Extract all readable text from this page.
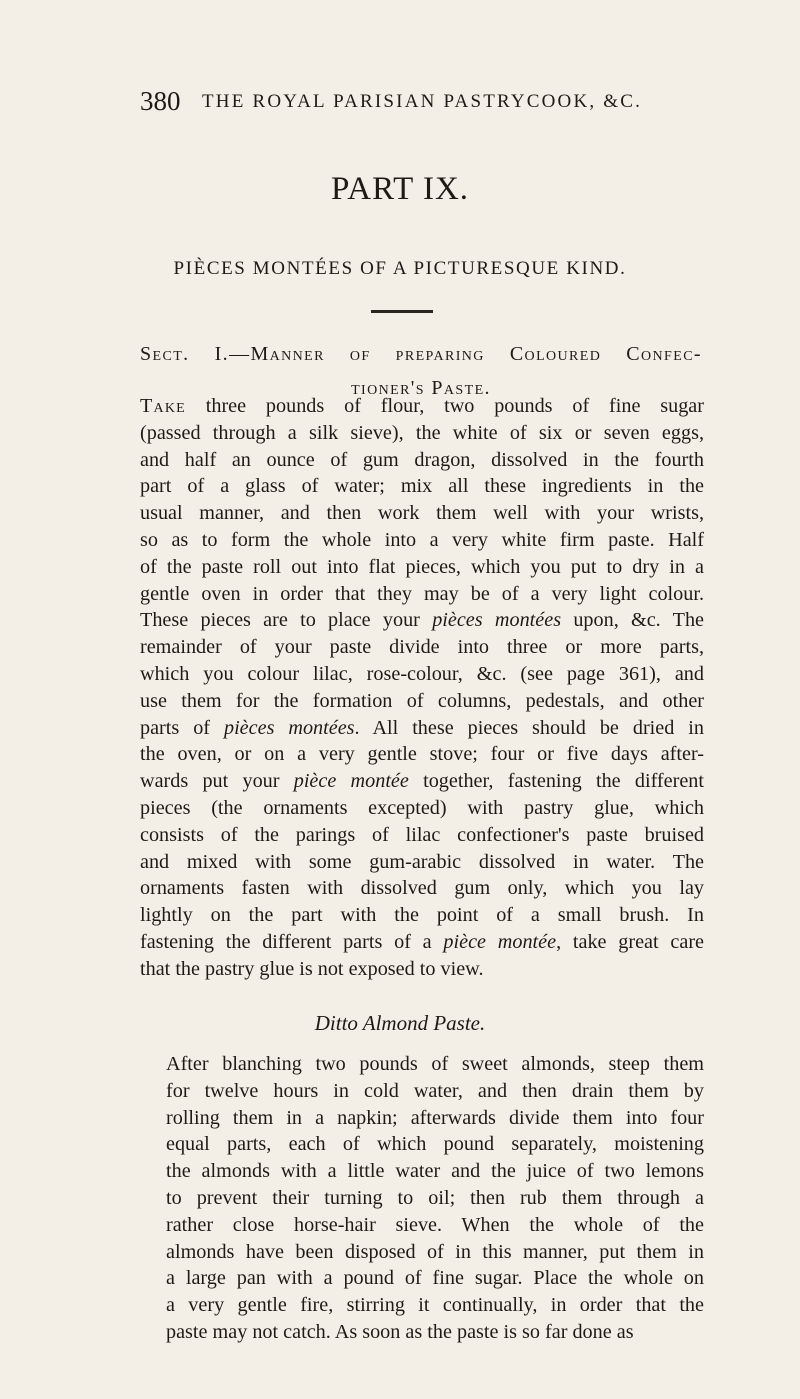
380 THE ROYAL PARISIAN PASTRYCOOK, &C.
PART IX.
PIÈCES MONTÉES OF A PICTURESQUE KIND.
Sect. I.—Manner of preparing Coloured Confec-
tioner's Paste.
Take three pounds of flour, two pounds of fine sugar
(passed through a silk sieve), the white of six or seven eggs,
and half an ounce of gum dragon, dissolved in the fourth
part of a glass of water; mix all these ingredients in the
usual manner, and then work them well with your wrists,
so as to form the whole into a very white firm paste. Half
of the paste roll out into flat pieces, which you put to dry in a
gentle oven in order that they may be of a very light colour.
These pieces are to place your pièces montées upon, &c. The
remainder of your paste divide into three or more parts,
which you colour lilac, rose-colour, &c. (see page 361), and
use them for the formation of columns, pedestals, and other
parts of pièces montées. All these pieces should be dried in
the oven, or on a very gentle stove; four or five days after-
wards put your pièce montée together, fastening the different
pieces (the ornaments excepted) with pastry glue, which
consists of the parings of lilac confectioner's paste bruised
and mixed with some gum-arabic dissolved in water. The
ornaments fasten with dissolved gum only, which you lay
lightly on the part with the point of a small brush. In
fastening the different parts of a pièce montée, take great care
that the pastry glue is not exposed to view.
Ditto Almond Paste.
After blanching two pounds of sweet almonds, steep them
for twelve hours in cold water, and then drain them by
rolling them in a napkin; afterwards divide them into four
equal parts, each of which pound separately, moistening
the almonds with a little water and the juice of two lemons
to prevent their turning to oil; then rub them through a
rather close horse-hair sieve. When the whole of the
almonds have been disposed of in this manner, put them in
a large pan with a pound of fine sugar. Place the whole on
a very gentle fire, stirring it continually, in order that the
paste may not catch. As soon as the paste is so far done as
